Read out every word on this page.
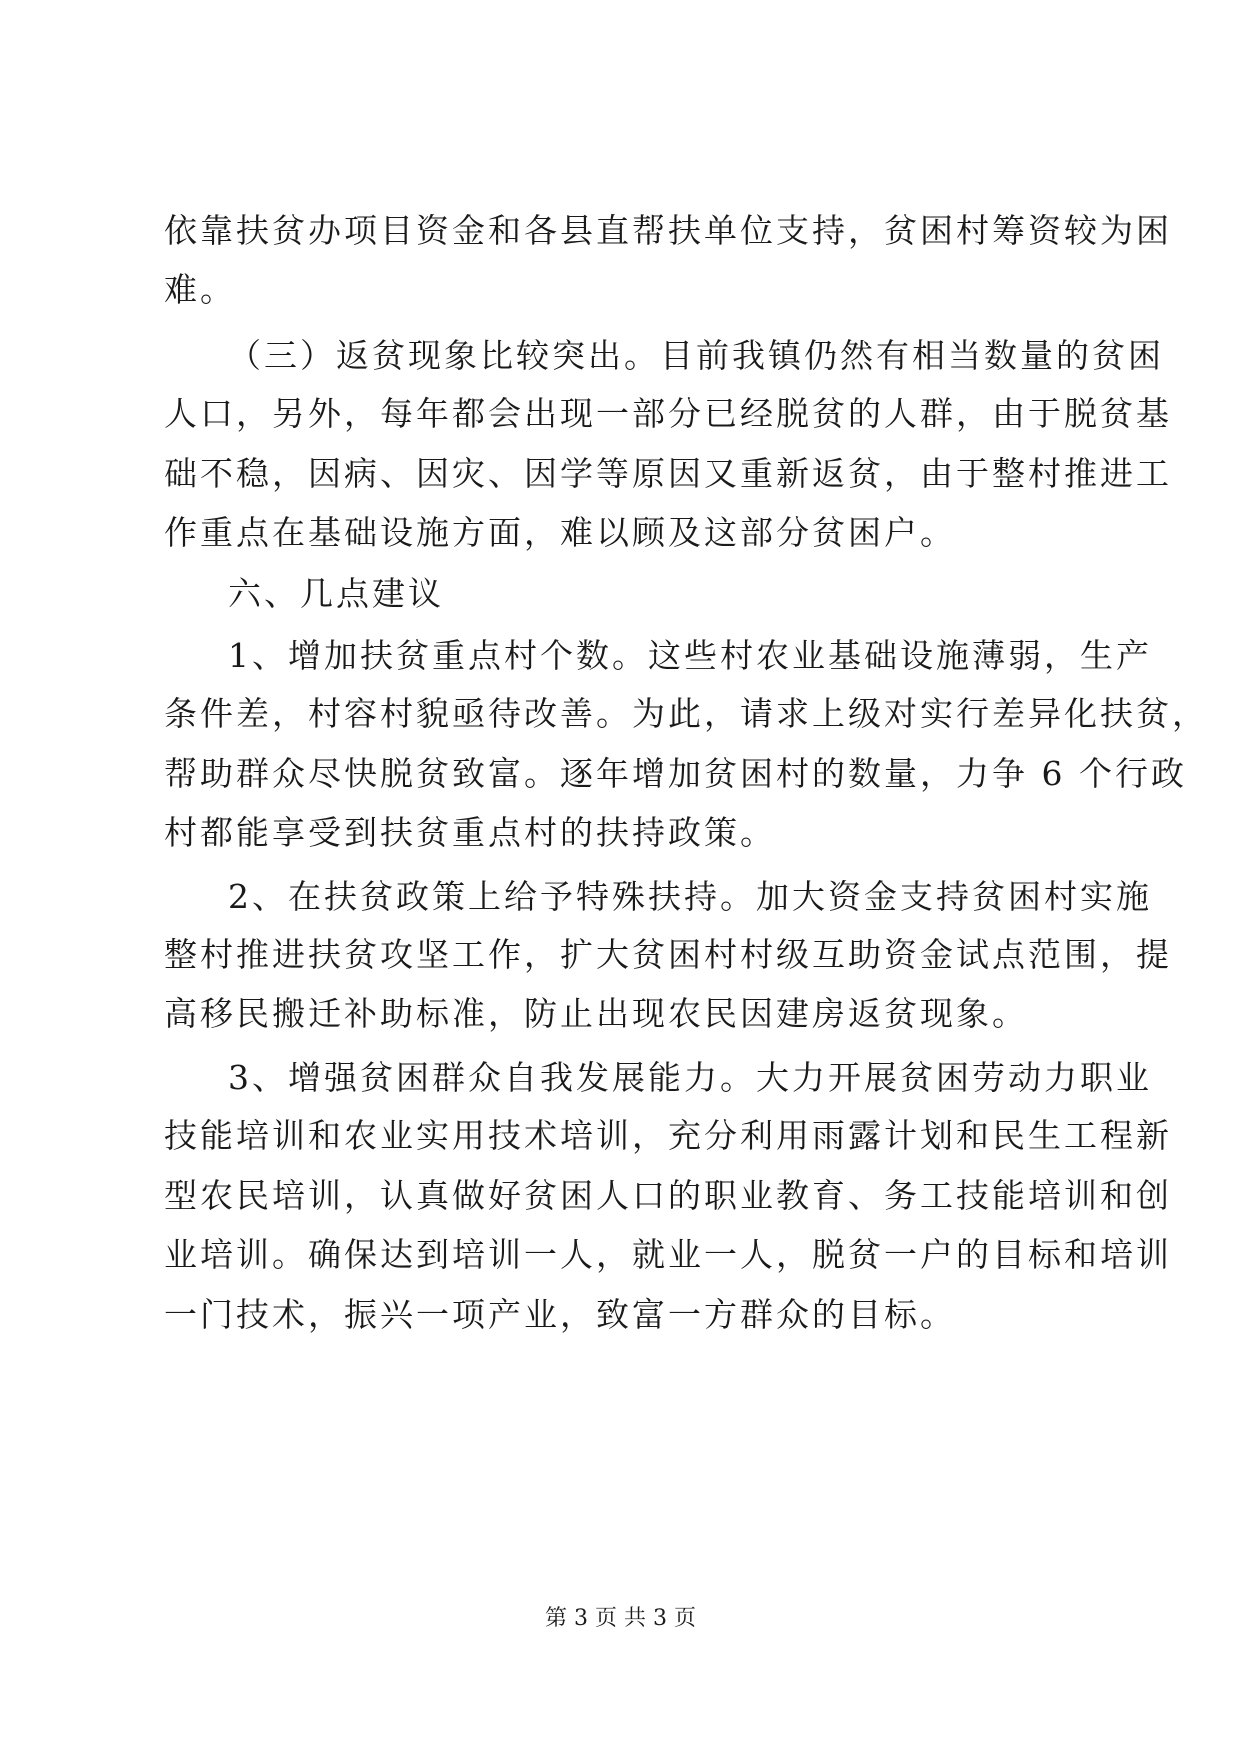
依靠扶贫办项目资金和各县直帮扶单位支持，贫困村筹资较为困
难。
（三）返贫现象比较突出。目前我镇仍然有相当数量的贫困
人口，另外，每年都会出现一部分已经脱贫的人群，由于脱贫基
础不稳，因病、因灾、因学等原因又重新返贫，由于整村推进工
作重点在基础设施方面，难以顾及这部分贫困户。
六、几点建议
1、增加扶贫重点村个数。这些村农业基础设施薄弱，生产
条件差，村容村貌亟待改善。为此，请求上级对实行差异化扶贫，
帮助群众尽快脱贫致富。逐年增加贫困村的数量，力争 6 个行政
村都能享受到扶贫重点村的扶持政策。
2、在扶贫政策上给予特殊扶持。加大资金支持贫困村实施
整村推进扶贫攻坚工作，扩大贫困村村级互助资金试点范围，提
高移民搬迁补助标准，防止出现农民因建房返贫现象。
3、增强贫困群众自我发展能力。大力开展贫困劳动力职业
技能培训和农业实用技术培训，充分利用雨露计划和民生工程新
型农民培训，认真做好贫困人口的职业教育、务工技能培训和创
业培训。确保达到培训一人，就业一人，脱贫一户的目标和培训
一门技术，振兴一项产业，致富一方群众的目标。
第 3 页 共 3 页
